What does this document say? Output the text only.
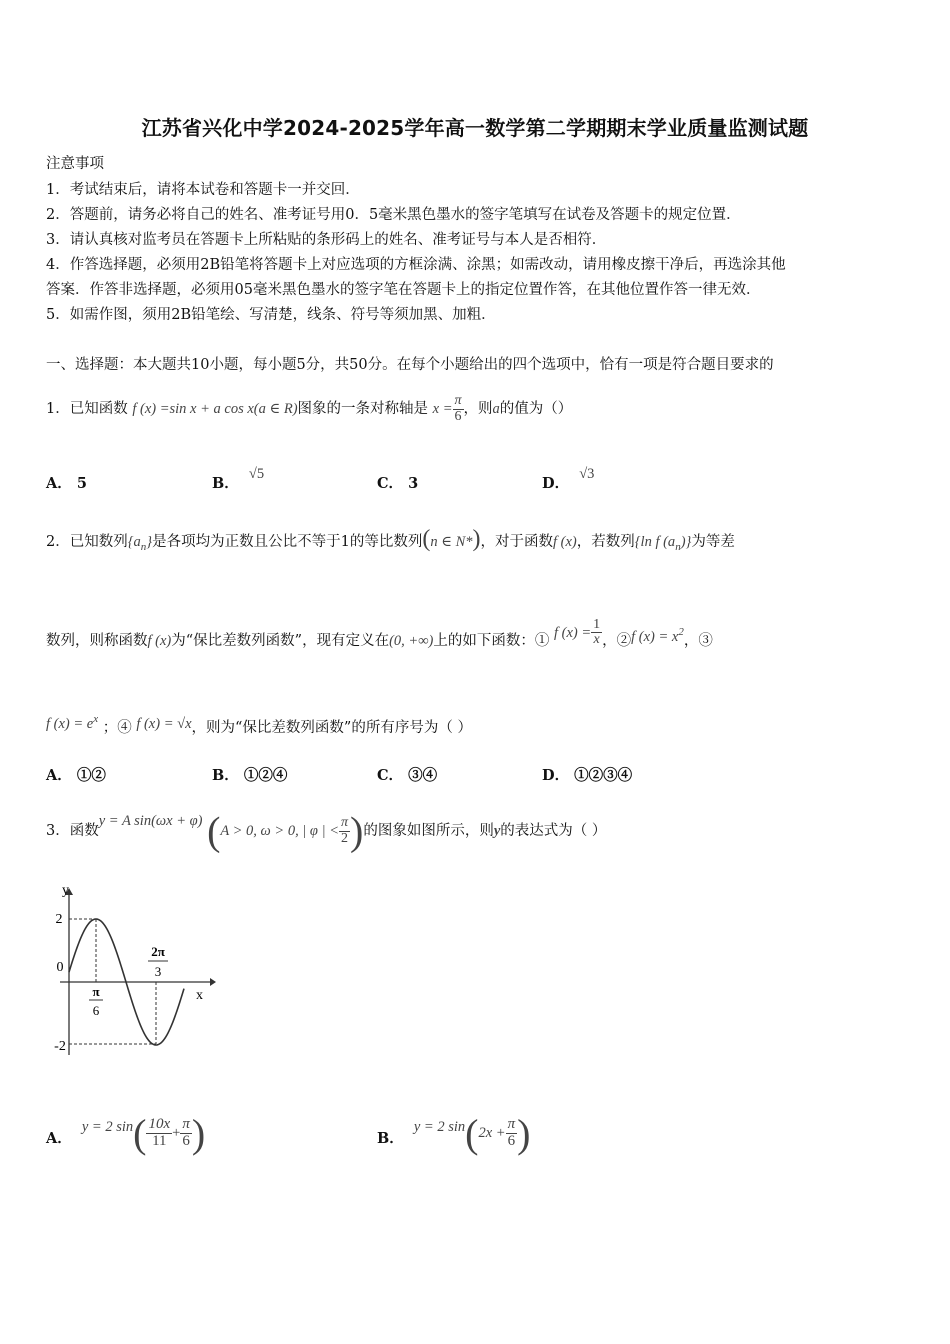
江苏省兴化中学2024-2025学年高一数学第二学期期末学业质量监测试题
注意事项
1．考试结束后，请将本试卷和答题卡一并交回．
2．答题前，请务必将自己的姓名、准考证号用0．5毫米黑色墨水的签字笔填写在试卷及答题卡的规定位置．
3．请认真核对监考员在答题卡上所粘贴的条形码上的姓名、准考证号与本人是否相符．
4．作答选择题，必须用2B铅笔将答题卡上对应选项的方框涂满、涂黑；如需改动，请用橡皮擦干净后，再选涂其他
答案．作答非选择题，必须用05毫米黑色墨水的签字笔在答题卡上的指定位置作答，在其他位置作答一律无效．
5．如需作图，须用2B铅笔绘、写清楚，线条、符号等须加黑、加粗．
一、选择题：本大题共10小题，每小题5分，共50分。在每个小题给出的四个选项中，恰有一项是符合题目要求的
1．已知函数 f (x) =sin x + a cos x(a ∈ R)图象的一条对称轴是 $x = \frac{\pi}{6}$ ，则a的值为（）
A． 5	B．  √5
C． 3	D．  √3
2．已知数列$\{a_n\}$是各项均为正数且公比不等于1的等比数列(n ∈ N*)，对于函数f (x)，若数列{ln f $(a_n)$}为等差
数列，则称函数f (x)为“保比差数列函数”，现有定义在(0, +∞)上的如下函数：① f $(x) = \frac{1}{x}$ ，②f $(x) = x^2$，③
f $(x) = e^x$ ；④ f (x) = √x，则为“保比差数列函数”的所有序号为（ ）
A． ①②	B． ①②④	C． ③④	D． ①②③④
3．函数y = A sin(ωx + φ) (A > 0, ω > 0, | φ | < $\frac{\pi}{2}$ )的图象如图所示，则y的表达式为（ ）
y
x
2
-2
0
π
6
2π
3
A．  y = 2 $\sin( \frac{10x}{11} + \frac{\pi}{6}$ )	B．  y = 2 $\sin(2x + \frac{\pi}{6}$ )
